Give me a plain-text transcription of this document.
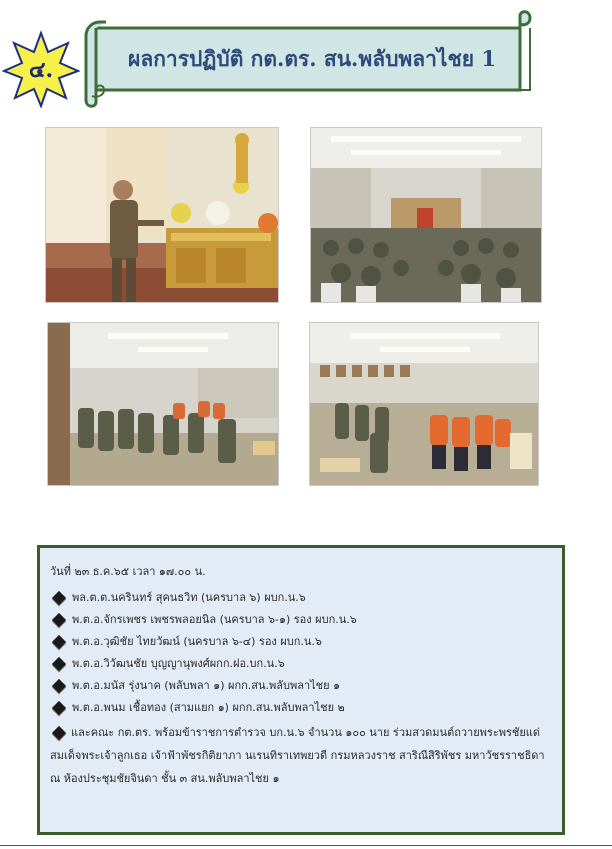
๔.	ผลการปฏิบัติ กต.ตร. สน.พลับพลาไชย 1
วันที่ ๒๓ ธ.ค.๖๕ เวลา ๑๗.๐๐ น.
พล.ต.ต.นครินทร์ สุคนธวิท (นครบาล ๖) ผบก.น.๖
พ.ต.อ.จักรเพชร เพชรพลอยนิล (นครบาล ๖-๑) รอง ผบก.น.๖
พ.ต.อ.วุฒิชัย ไทยวัฒน์ (นครบาล ๖-๔) รอง ผบก.น.๖
พ.ต.อ.วิวัฒนชัย บุญญานุพงศ์ผกก.ฝอ.บก.น.๖
พ.ต.อ.มนัส รุ่งนาค (พลับพลา ๑) ผกก.สน.พลับพลาไชย ๑
พ.ต.อ.พนม เชื้อทอง (สามแยก ๑) ผกก.สน.พลับพลาไชย ๒
และคณะ กต.ตร. พร้อมข้าราชการตำรวจ บก.น.๖ จำนวน ๑๐๐ นาย ร่วมสวดมนต์ถวายพระพรชัยแด่สมเด็จพระเจ้าลูกเธอ เจ้าฟ้าพัชรกิติยาภา นเรนทิราเทพยวดี กรมหลวงราช สาริณีสิริพัชร มหาวัชรราชธิดา ณ ห้องประชุมชัยจินดา ชั้น ๓ สน.พลับพลาไชย ๑
